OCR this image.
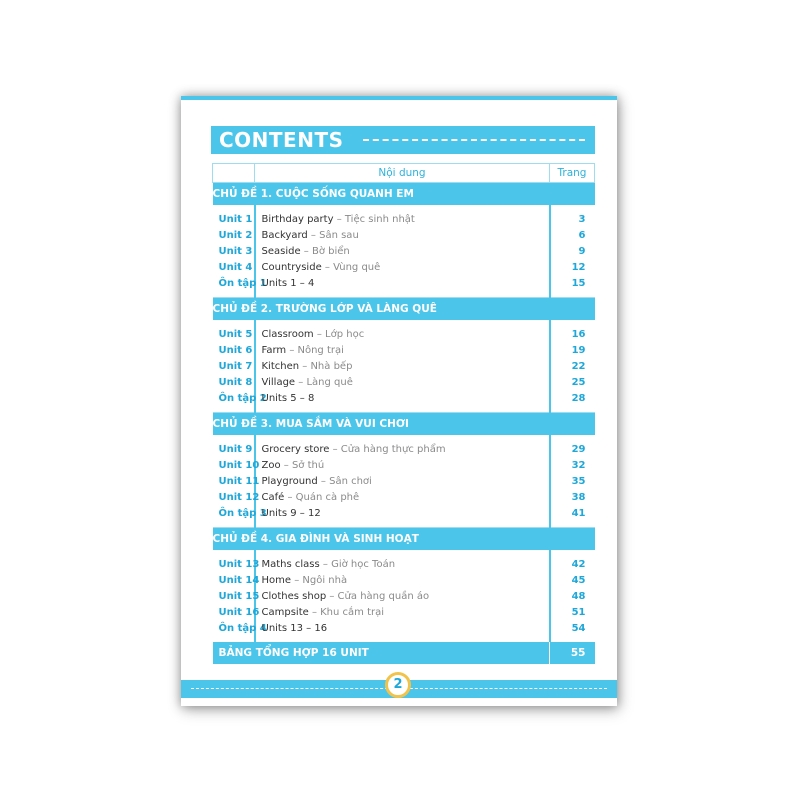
CONTENTS
	Nội dung	Trang
CHỦ ĐỀ 1. CUỘC SỐNG QUANH EM		

Unit 1	Birthday party – Tiệc sinh nhật	3
Unit 2	Backyard – Sân sau	6
Unit 3	Seaside – Bờ biển	9
Unit 4	Countryside – Vùng quê	12
Ôn tập 1	Units 1 – 4	15

CHỦ ĐỀ 2. TRƯỜNG LỚP VÀ LÀNG QUÊ		

Unit 5	Classroom – Lớp học	16
Unit 6	Farm – Nông trại	19
Unit 7	Kitchen – Nhà bếp	22
Unit 8	Village – Làng quê	25
Ôn tập 2	Units 5 – 8	28

CHỦ ĐỀ 3. MUA SẮM VÀ VUI CHƠI		

Unit 9	Grocery store – Cửa hàng thực phẩm	29
Unit 10	Zoo – Sở thú	32
Unit 11	Playground – Sân chơi	35
Unit 12	Café – Quán cà phê	38
Ôn tập 3	Units 9 – 12	41

CHỦ ĐỀ 4. GIA ĐÌNH VÀ SINH HOẠT		

Unit 13	Maths class – Giờ học Toán	42
Unit 14	Home – Ngôi nhà	45
Unit 15	Clothes shop – Cửa hàng quần áo	48
Unit 16	Campsite – Khu cắm trại	51
Ôn tập 4	Units 13 – 16	54

BẢNG TỔNG HỢP 16 UNIT		55
2
